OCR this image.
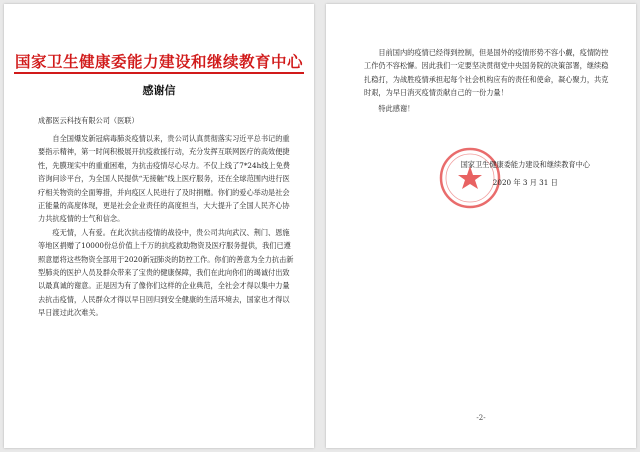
国家卫生健康委能力建设和继续教育中心
感谢信
成都医云科技有限公司（医联）

自全国爆发新冠病毒肺炎疫情以来，贵公司认真贯彻落实习近平总书记的重要指示精神，第一时间积极展开抗疫救援行动，充分发挥互联网医疗的高效便捷性，先膜现实中的重重困难，为抗击疫情尽心尽力。不仅上线了7*24h线上免费咨询问诊平台，为全国人民提供“无接触”线上医疗服务，还在全球范围内进行医疗相关物资的全面筹措，并向疫区人民进行了及时捐赠。你们的爱心举动是社会正能量的高度体现，更是社会企业责任的高度担当，大大提升了全国人民齐心协力共抗疫情的士气和信念。

疫无情，人有爱。在此次抗击疫情的战役中，贵公司共向武汉、荆门、恩施等地区捐赠了10000份总价值上千万的抗疫救助物资及医疗服务提供，我们已遵照意愿将这些物资全部用于2020新冠肺炎的防控工作。你们的善意为全力抗击新型肺炎的医护人员及群众带来了宝贵的健康保障，我们在此向你们的竭诚付出致以最真诚的谢意。正是因为有了像你们这样的企业典范，全社会才得以集中力量去抗击疫情，人民群众才得以早日回归到安全健康的生活环境去，国家也才得以早日渡过此次难关。

目前国内的疫情已经得到控制，但是国外的疫情形势不容小觑，疫情防控工作仍不容松懈。因此我们一定要坚决贯彻党中央国务院的决策部署，继续稳扎稳打，为战胜疫情承担起每个社会机构应有的责任和使命，凝心聚力，共克时艰，为早日消灭疫情贡献自己的一份力量！

特此感谢！

国家卫生健康委能力建设和继续教育中心
2020 年 3 月 31 日
-2-
